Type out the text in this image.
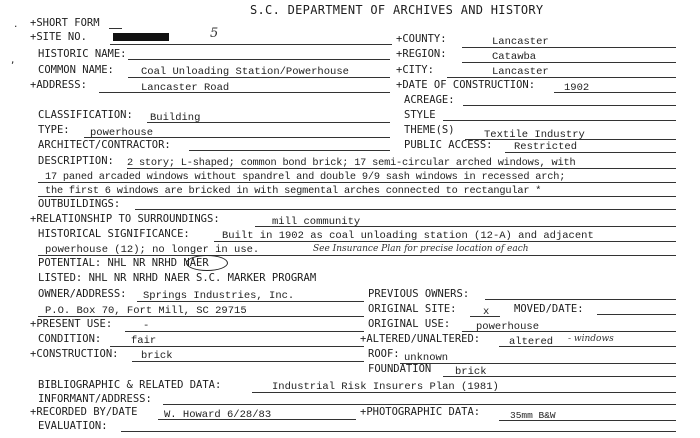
,
.
S.C. DEPARTMENT OF ARCHIVES AND HISTORY
+SHORT FORM
+SITE NO.	5	+COUNTY:	Lancaster
HISTORIC NAME:	+REGION:	Catawba
COMMON NAME:	Coal Unloading Station/Powerhouse	+CITY:	Lancaster
+ADDRESS:	Lancaster Road	+DATE OF CONSTRUCTION:	1902
ACREAGE:
CLASSIFICATION: Building	STYLE
TYPE: powerhouse	THEME(S)	Textile Industry
ARCHITECT/CONTRACTOR:	PUBLIC ACCESS: Restricted
DESCRIPTION: 2 story; L-shaped; common bond brick; 17 semi-circular arched windows, with
17 paned arcaded windows without spandrel and double 9/9 sash windows in recessed arch;
the first 6 windows are bricked in with segmental arches connected to rectangular *
OUTBUILDINGS:
+RELATIONSHIP TO SURROUNDINGS:	mill community
HISTORICAL SIGNIFICANCE:	Built in 1902 as coal unloading station (12-A) and adjacent
powerhouse (12); no longer in use.	See Insurance Plan for precise location of each
POTENTIAL: NHL NR NRHD NAER
LISTED: NHL NR NRHD NAER S.C. MARKER PROGRAM
OWNER/ADDRESS: Springs Industries, Inc.	PREVIOUS OWNERS:
P.O. Box 70, Fort Mill, SC 29715	ORIGINAL SITE:	x MOVED/DATE:
+PRESENT USE:	-	ORIGINAL USE: powerhouse
CONDITION:	fair	+ALTERED/UNALTERED:	altered - windows
+CONSTRUCTION: brick	ROOF: unknown
FOUNDATION brick
BIBLIOGRAPHIC & RELATED DATA:	Industrial Risk Insurers Plan (1981)
INFORMANT/ADDRESS:
+RECORDED BY/DATE	W. Howard 6/28/83	+PHOTOGRAPHIC DATA:	35mm B&W
EVALUATION:
